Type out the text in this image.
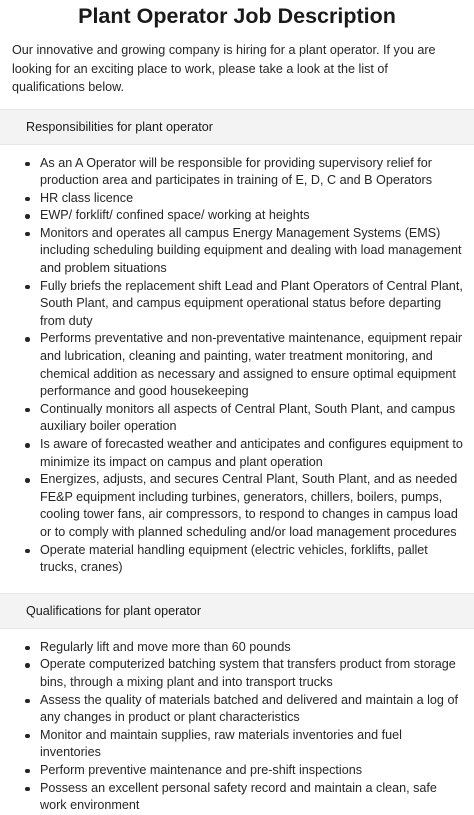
Plant Operator Job Description

Our innovative and growing company is hiring for a plant operator. If you are looking for an exciting place to work, please take a look at the list of qualifications below.

Responsibilities for plant operator
As an A Operator will be responsible for providing supervisory relief for production area and participates in training of E, D, C and B Operators
HR class licence
EWP/ forklift/ confined space/ working at heights
Monitors and operates all campus Energy Management Systems (EMS) including scheduling building equipment and dealing with load management and problem situations
Fully briefs the replacement shift Lead and Plant Operators of Central Plant, South Plant, and campus equipment operational status before departing from duty
Performs preventative and non-preventative maintenance, equipment repair and lubrication, cleaning and painting, water treatment monitoring, and chemical addition as necessary and assigned to ensure optimal equipment performance and good housekeeping
Continually monitors all aspects of Central Plant, South Plant, and campus auxiliary boiler operation
Is aware of forecasted weather and anticipates and configures equipment to minimize its impact on campus and plant operation
Energizes, adjusts, and secures Central Plant, South Plant, and as needed FE&P equipment including turbines, generators, chillers, boilers, pumps, cooling tower fans, air compressors, to respond to changes in campus load or to comply with planned scheduling and/or load management procedures
Operate material handling equipment (electric vehicles, forklifts, pallet trucks, cranes)
Qualifications for plant operator
Regularly lift and move more than 60 pounds
Operate computerized batching system that transfers product from storage bins, through a mixing plant and into transport trucks
Assess the quality of materials batched and delivered and maintain a log of any changes in product or plant characteristics
Monitor and maintain supplies, raw materials inventories and fuel inventories
Perform preventive maintenance and pre-shift inspections
Possess an excellent personal safety record and maintain a clean, safe work environment
